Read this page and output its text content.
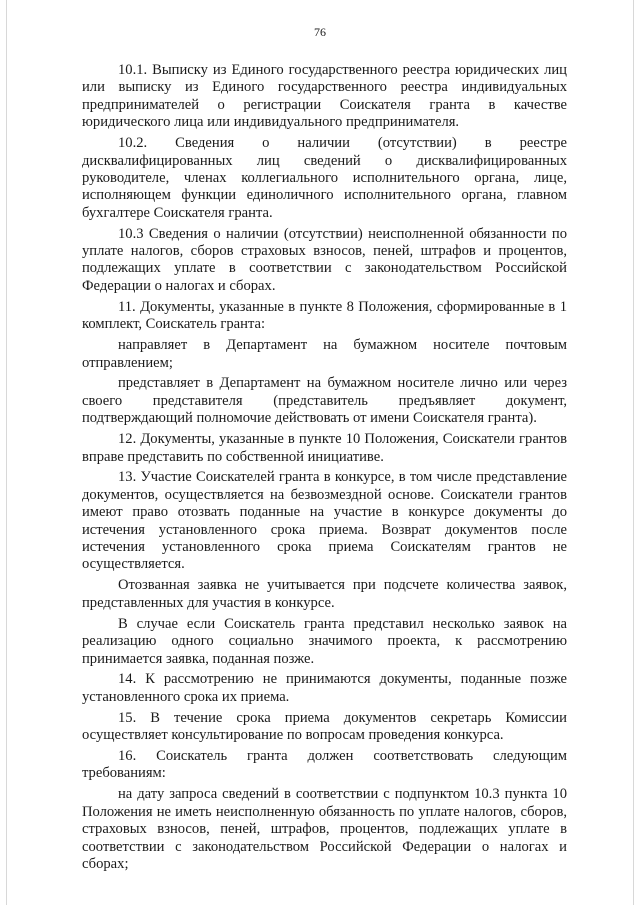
76

10.1. Выписку из Единого государственного реестра юридических лиц или выписку из Единого государственного реестра индивидуальных предпринимателей о регистрации Соискателя гранта в качестве юридического лица или индивидуального предпринимателя.

10.2. Сведения о наличии (отсутствии) в реестре дисквалифицированных лиц сведений о дисквалифицированных руководителе, членах коллегиального исполнительного органа, лице, исполняющем функции единоличного исполнительного органа, главном бухгалтере Соискателя гранта.

10.3 Сведения о наличии (отсутствии) неисполненной обязанности по уплате налогов, сборов страховых взносов, пеней, штрафов и процентов, подлежащих уплате в соответствии с законодательством Российской Федерации о налогах и сборах.

11. Документы, указанные в пункте 8 Положения, сформированные в 1 комплект, Соискатель гранта:

направляет в Департамент на бумажном носителе почтовым отправлением;

представляет в Департамент на бумажном носителе лично или через своего представителя (представитель предъявляет документ, подтверждающий полномочие действовать от имени Соискателя гранта).

12. Документы, указанные в пункте 10 Положения, Соискатели грантов вправе представить по собственной инициативе.

13. Участие Соискателей гранта в конкурсе, в том числе представление документов, осуществляется на безвозмездной основе. Соискатели грантов имеют право отозвать поданные на участие в конкурсе документы до истечения установленного срока приема. Возврат документов после истечения установленного срока приема Соискателям грантов не осуществляется.

Отозванная заявка не учитывается при подсчете количества заявок, представленных для участия в конкурсе.

В случае если Соискатель гранта представил несколько заявок на реализацию одного социально значимого проекта, к рассмотрению принимается заявка, поданная позже.

14. К рассмотрению не принимаются документы, поданные позже установленного срока их приема.

15. В течение срока приема документов секретарь Комиссии осуществляет консультирование по вопросам проведения конкурса.

16. Соискатель гранта должен соответствовать следующим требованиям:

на дату запроса сведений в соответствии с подпунктом 10.3 пункта 10 Положения не иметь неисполненную обязанность по уплате налогов, сборов, страховых взносов, пеней, штрафов, процентов, подлежащих уплате в соответствии с законодательством Российской Федерации о налогах и сборах;
